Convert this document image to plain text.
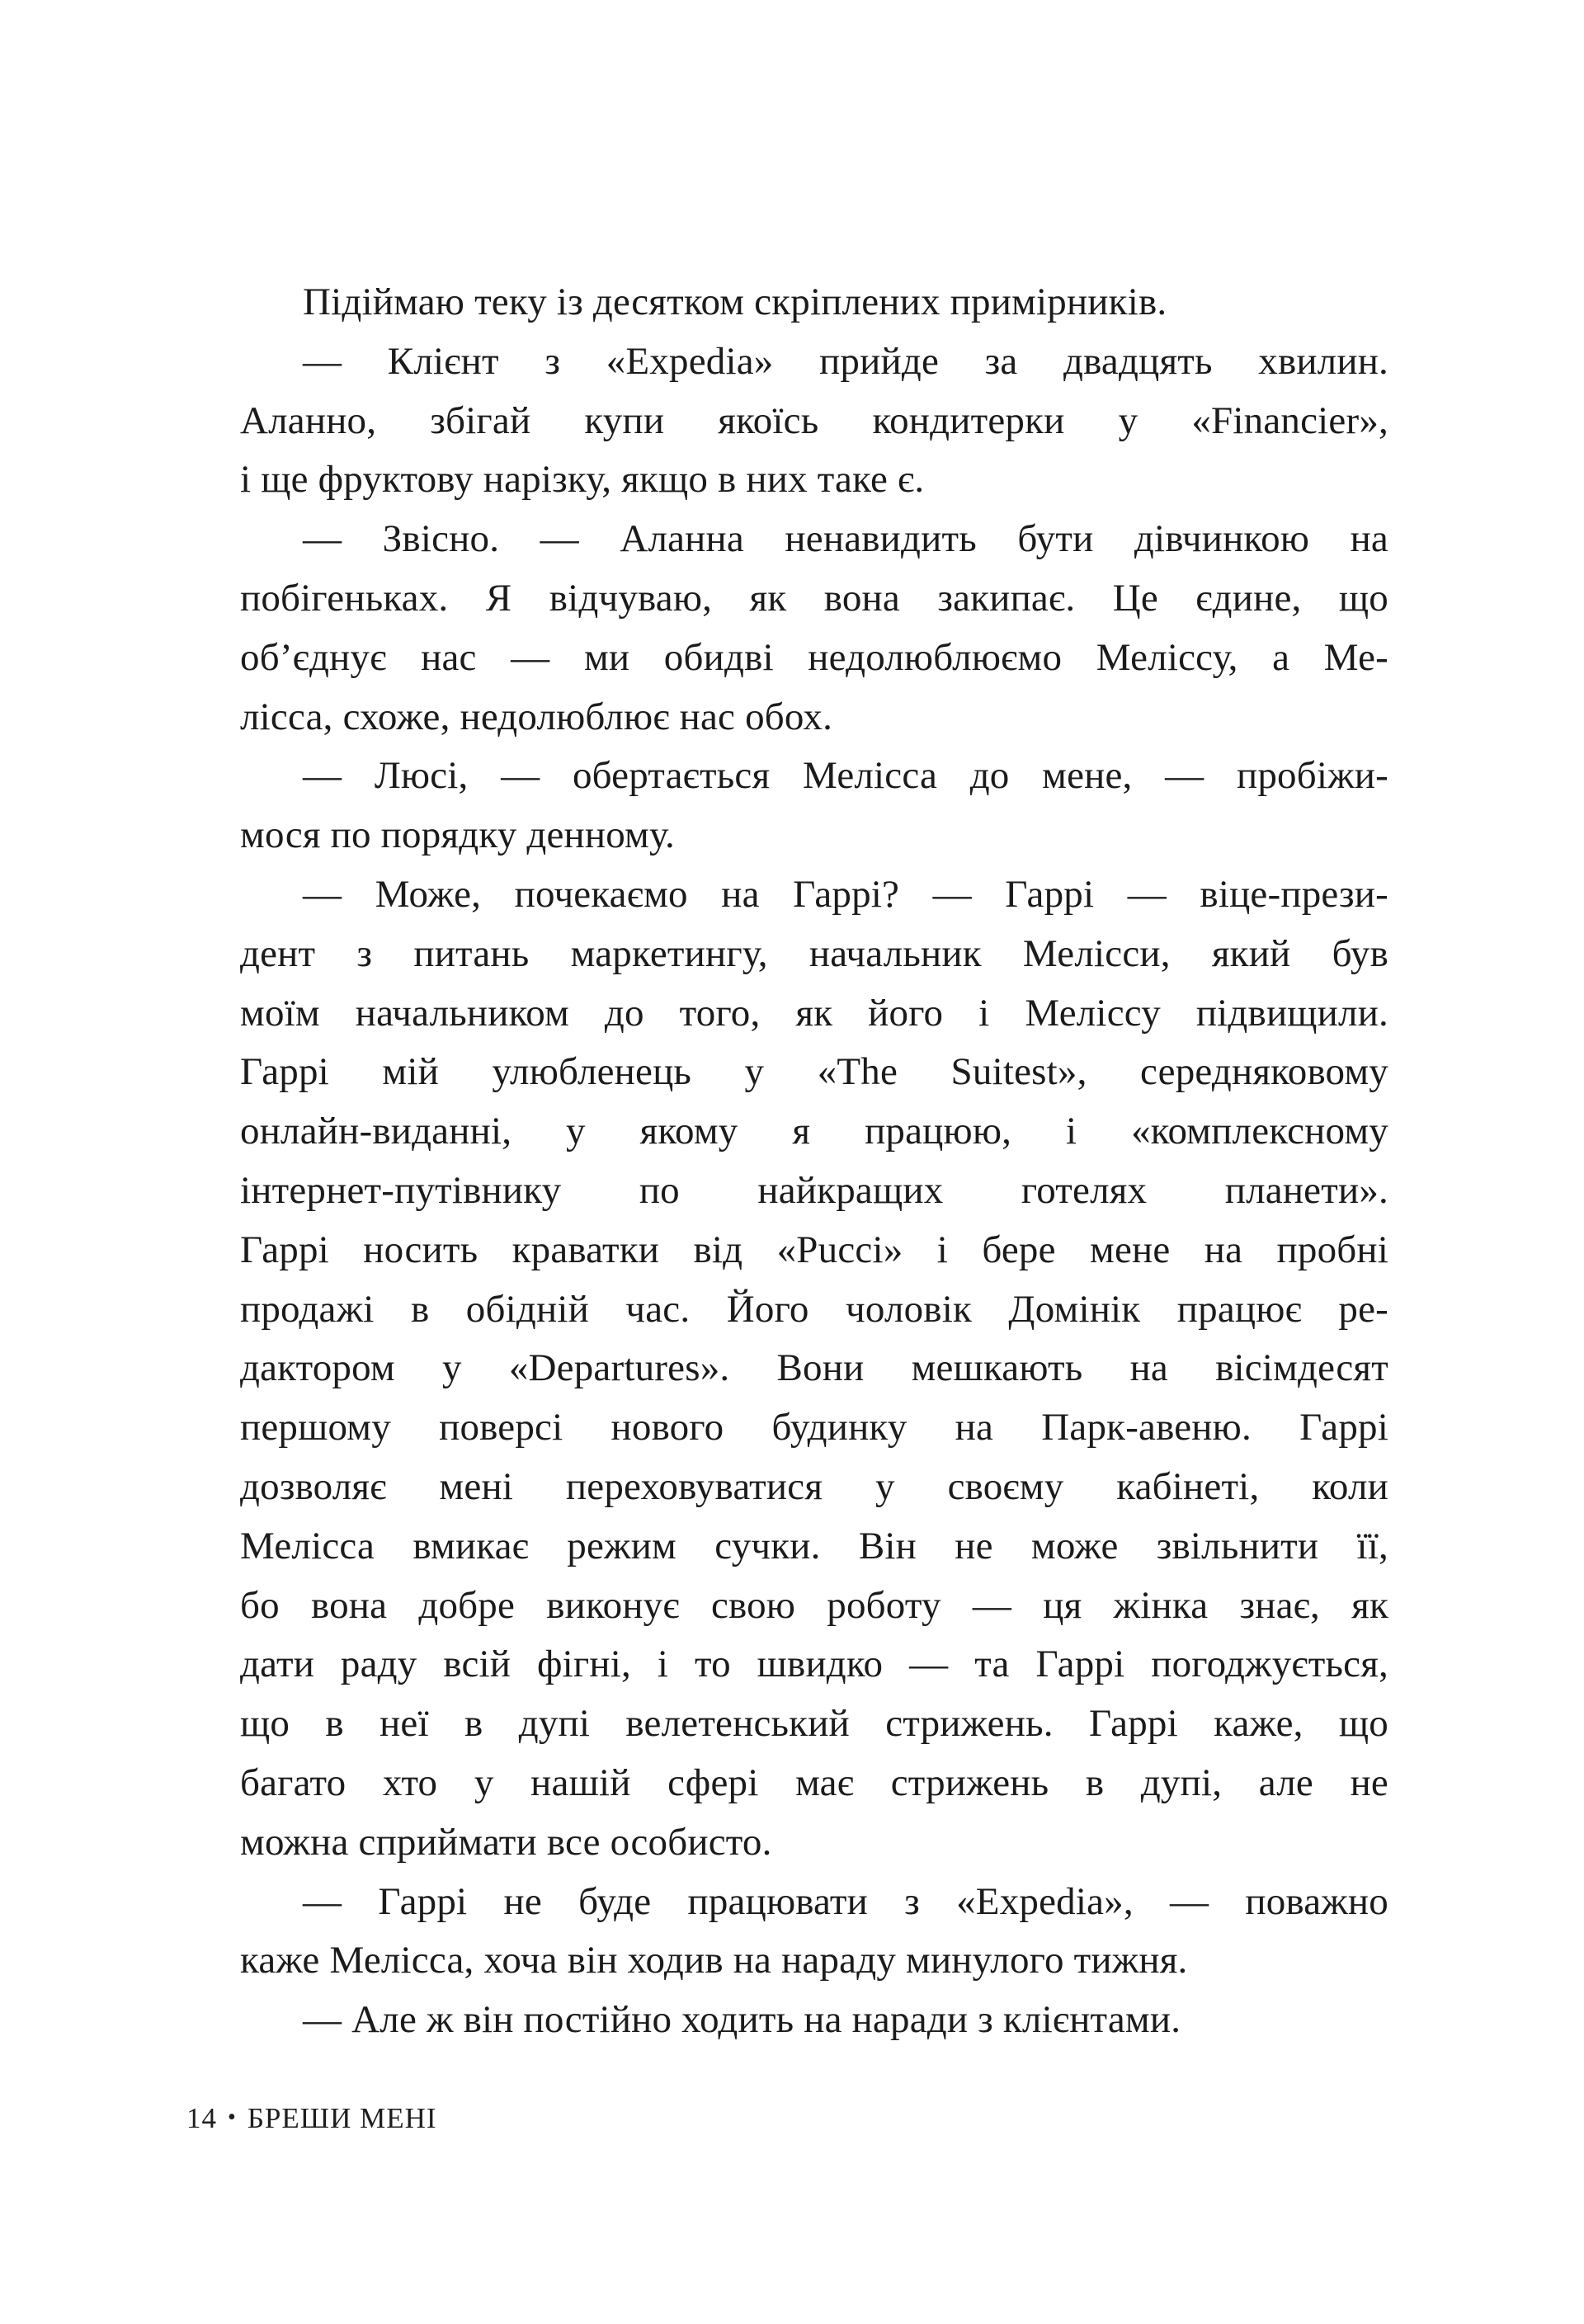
Підіймаю теку із десятком скріплених примірників.
— Клієнт з «Expedia» прийде за двадцять хвилин.
Аланно, збігай купи якоїсь кондитерки у «Financier»,
і ще фруктову нарізку, якщо в них таке є.
— Звісно. — Аланна ненавидить бути дівчинкою на
побігеньках. Я відчуваю, як вона закипає. Це єдине, що
об’єднує нас — ми обидві недолюблюємо Меліссу, а Ме-
лісса, схоже, недолюблює нас обох.
— Люсі, — обертається Мелісса до мене, — пробіжи-
мося по порядку денному.
— Може, почекаємо на Гаррі? — Гаррі — віце-прези-
дент з питань маркетингу, начальник Мелісси, який був
моїм начальником до того, як його і Меліссу підвищили.
Гаррі мій улюбленець у «The Suitest», середняковому
онлайн-виданні, у якому я працюю, і «комплексному
інтернет-путівнику по найкращих готелях планети».
Гаррі носить краватки від «Pucci» і бере мене на пробні
продажі в обідній час. Його чоловік Домінік працює ре-
дактором у «Departures». Вони мешкають на вісімдесят
першому поверсі нового будинку на Парк-авеню. Гаррі
дозволяє мені переховуватися у своєму кабінеті, коли
Мелісса вмикає режим сучки. Він не може звільнити її,
бо вона добре виконує свою роботу — ця жінка знає, як
дати раду всій фігні, і то швидко — та Гаррі погоджується,
що в неї в дупі велетенський стрижень. Гаррі каже, що
багато хто у нашій сфері має стрижень в дупі, але не
можна сприймати все особисто.
— Гаррі не буде працювати з «Expedia», — поважно
каже Мелісса, хоча він ходив на нараду минулого тижня.
— Але ж він постійно ходить на наради з клієнтами.
14 • БРЕШИ МЕНІ
